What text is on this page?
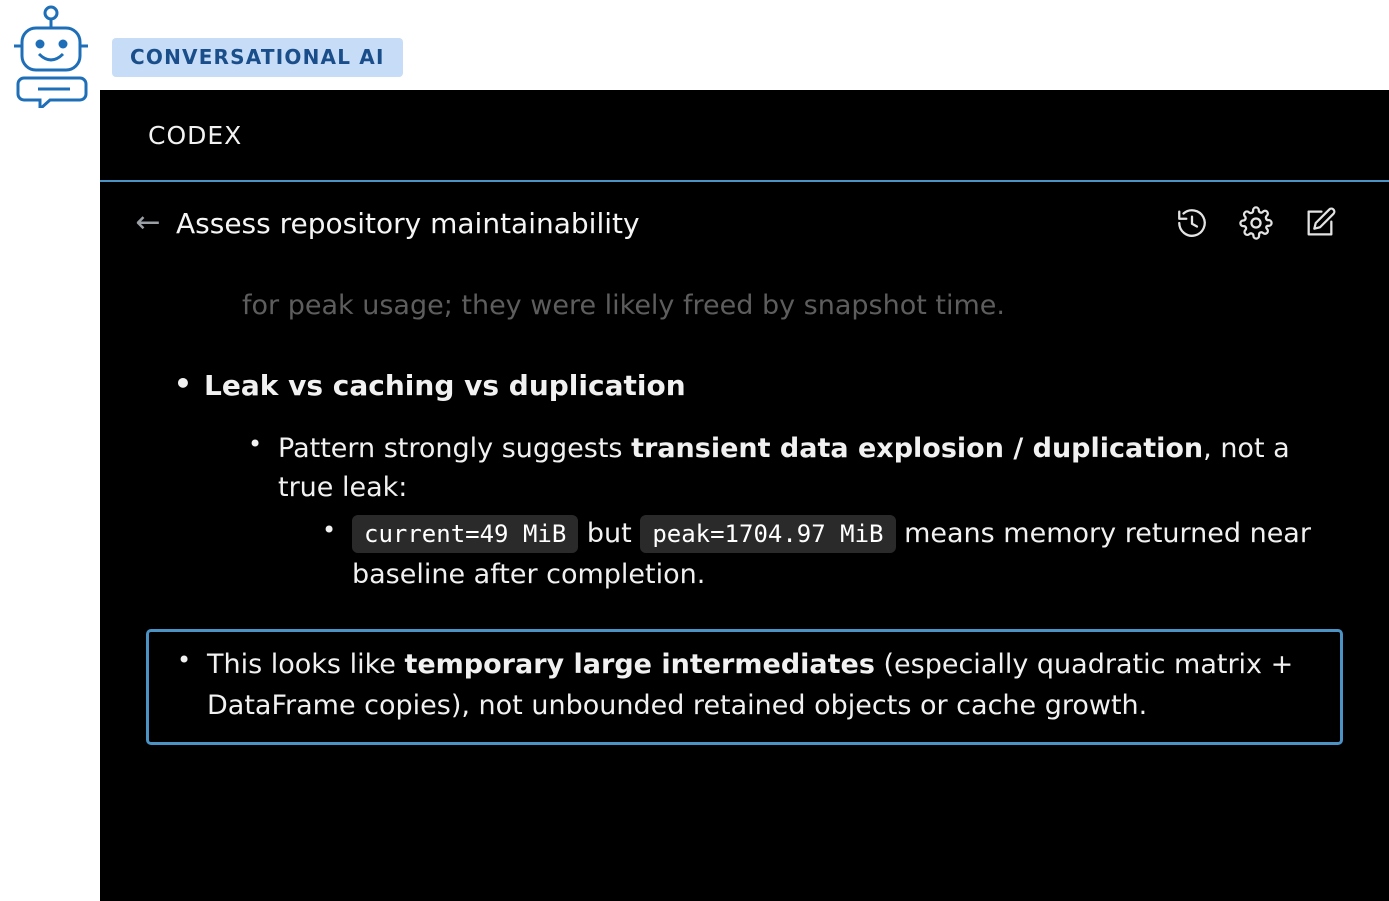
CONVERSATIONAL AI
CODEX
← Assess repository maintainability
for peak usage; they were likely freed by snapshot time.
• Leak vs caching vs duplication
• Pattern strongly suggests transient data explosion / duplication, not a true leak:
• current=49 MiB but peak=1704.97 MiB means memory returned near baseline after completion.
• This looks like temporary large intermediates (especially quadratic matrix + DataFrame copies), not unbounded retained objects or cache growth.
